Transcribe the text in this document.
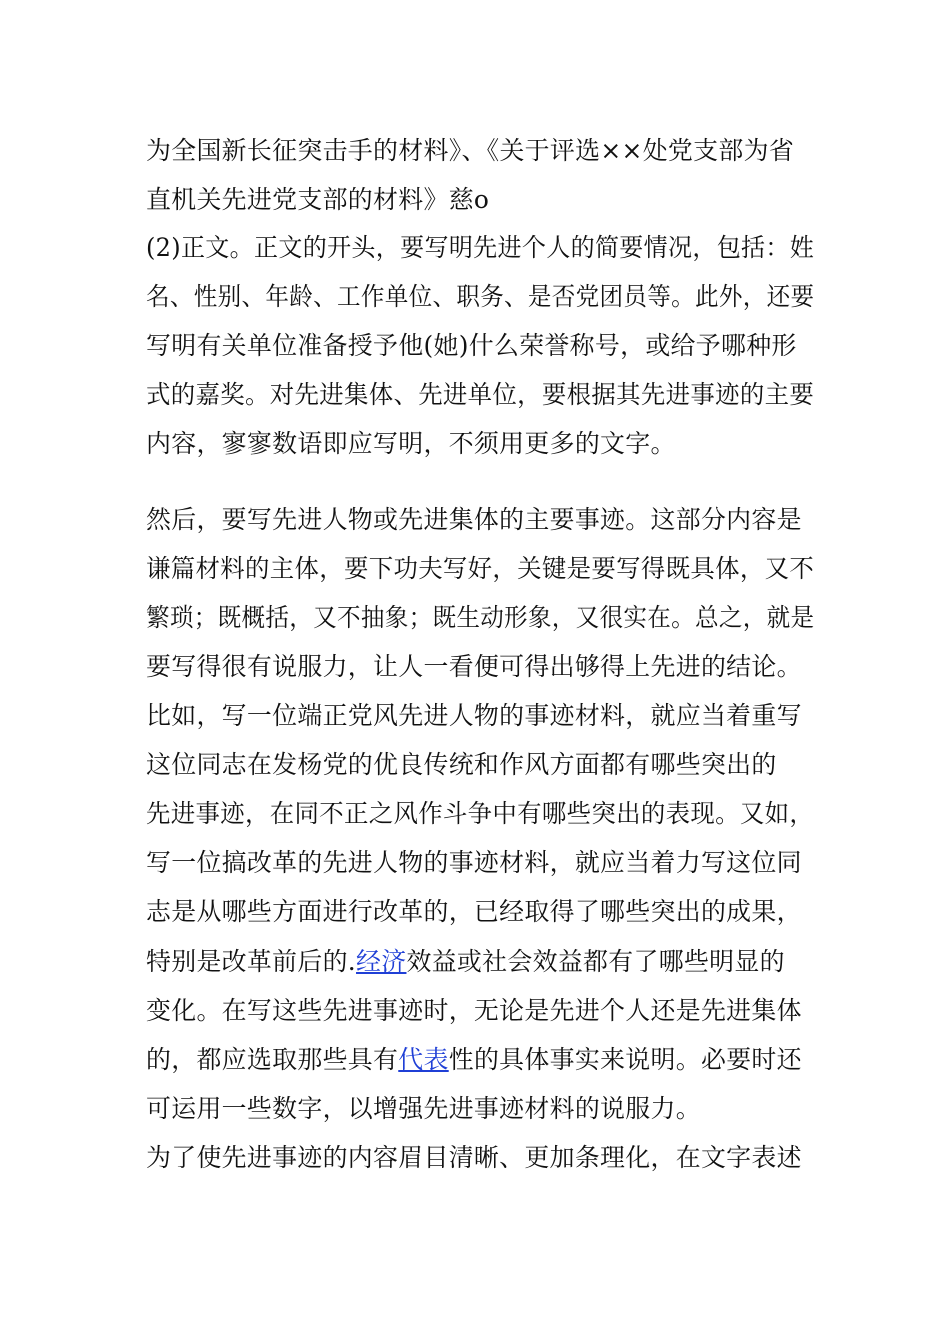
为全国新长征突击手的材料》、《关于评选××处党支部为省
直机关先进党支部的材料》慈o
(2)正文。正文的开头，要写明先进个人的简要情况，包括：姓
名、性别、年龄、工作单位、职务、是否党团员等。此外，还要
写明有关单位准备授予他(她)什么荣誉称号，或给予哪种形
式的嘉奖。对先进集体、先进单位，要根据其先进事迹的主要
内容，寥寥数语即应写明，不须用更多的文字。
然后，要写先进人物或先进集体的主要事迹。这部分内容是
谦篇材料的主体，要下功夫写好，关键是要写得既具体，又不
繁琐；既概括，又不抽象；既生动形象，又很实在。总之，就是
要写得很有说服力，让人一看便可得出够得上先进的结论。
比如，写一位端正党风先进人物的事迹材料，就应当着重写
这位同志在发杨党的优良传统和作风方面都有哪些突出的
先进事迹，在同不正之风作斗争中有哪些突出的表现。又如，
写一位搞改革的先进人物的事迹材料，就应当着力写这位同
志是从哪些方面进行改革的，已经取得了哪些突出的成果，
特别是改革前后的.经济效益或社会效益都有了哪些明显的
变化。在写这些先进事迹时，无论是先进个人还是先进集体
的，都应选取那些具有代表性的具体事实来说明。必要时还
可运用一些数字，以增强先进事迹材料的说服力。
为了使先进事迹的内容眉目清晰、更加条理化，在文字表述
